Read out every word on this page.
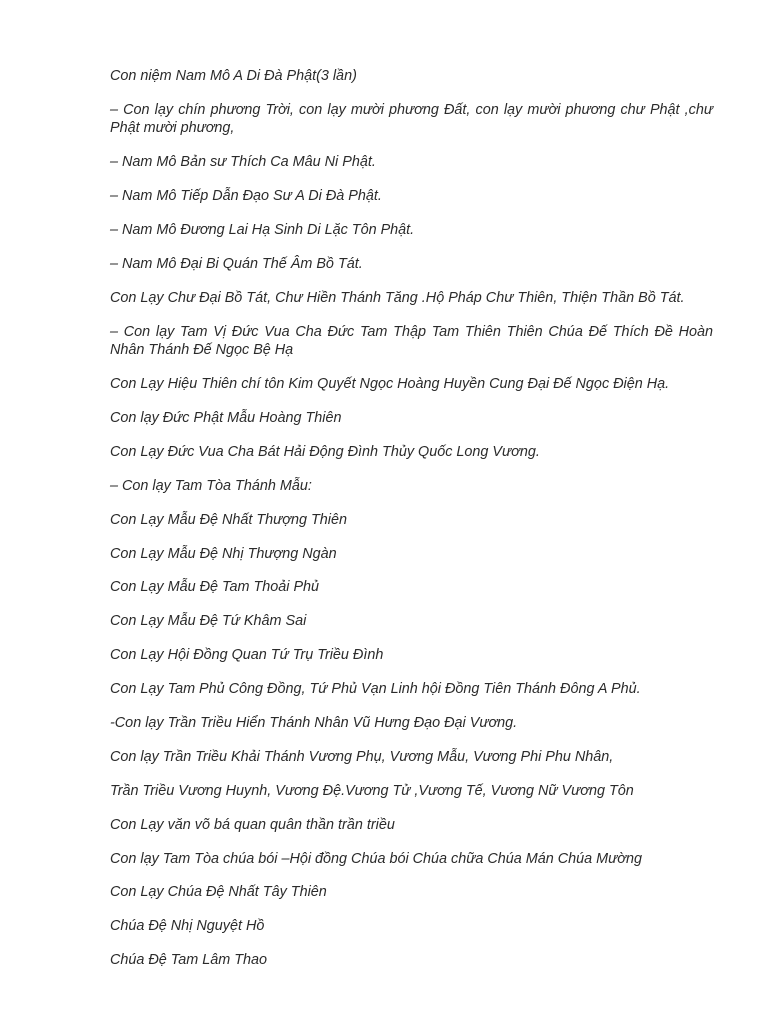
Con niệm Nam Mô A Di Đà Phật(3 lần)

– Con lạy chín phương Trời, con lạy mười phương Đất, con lạy mười phương chư Phật ,chư Phật mười phương,

– Nam Mô Bản sư Thích Ca Mâu Ni Phật.

– Nam Mô Tiếp Dẫn Đạo Sư A Di Đà Phật.

– Nam Mô Đương Lai Hạ Sinh Di Lặc Tôn Phật.

– Nam Mô Đại Bi Quán Thế Âm Bồ Tát.

Con Lạy Chư Đại Bồ Tát, Chư Hiền Thánh Tăng .Hộ Pháp Chư Thiên, Thiện Thần Bồ Tát.

– Con lạy Tam Vị Đức Vua Cha Đức Tam Thập Tam Thiên Thiên Chúa Đế Thích Đề Hoàn Nhân Thánh Đế Ngọc Bệ Hạ

Con Lạy Hiệu Thiên chí tôn Kim Quyết Ngọc Hoàng Huyền Cung Đại Đế Ngọc Điện Hạ.

Con lạy Đức Phật Mẫu Hoàng Thiên

Con Lạy Đức Vua Cha Bát Hải Động Đình Thủy Quốc Long Vương.

– Con lạy Tam Tòa Thánh Mẫu:

Con Lạy Mẫu Đệ Nhất Thượng Thiên

Con Lạy Mẫu Đệ Nhị Thượng Ngàn

Con Lạy Mẫu Đệ Tam Thoải Phủ

Con Lạy Mẫu Đệ Tứ Khâm Sai

Con Lạy Hội Đồng Quan Tứ Trụ Triều Đình

Con Lạy Tam Phủ Công Đồng, Tứ Phủ Vạn Linh hội Đồng Tiên Thánh Đông A Phủ.

-Con lạy Trần Triều Hiển Thánh Nhân Vũ Hưng Đạo Đại Vương.

Con lạy Trần Triều Khải Thánh Vương Phụ, Vương Mẫu, Vương Phi Phu Nhân,

Trần Triều Vương Huynh, Vương Đệ.Vương Tử ,Vương Tế, Vương Nữ Vương Tôn

Con Lạy văn võ bá quan quân thần trần triều

Con lạy Tam Tòa chúa bói –Hội đồng Chúa bói Chúa chữa Chúa Mán Chúa Mường

Con Lạy Chúa Đệ Nhất Tây Thiên

Chúa Đệ Nhị Nguyệt Hồ

Chúa Đệ Tam Lâm Thao
